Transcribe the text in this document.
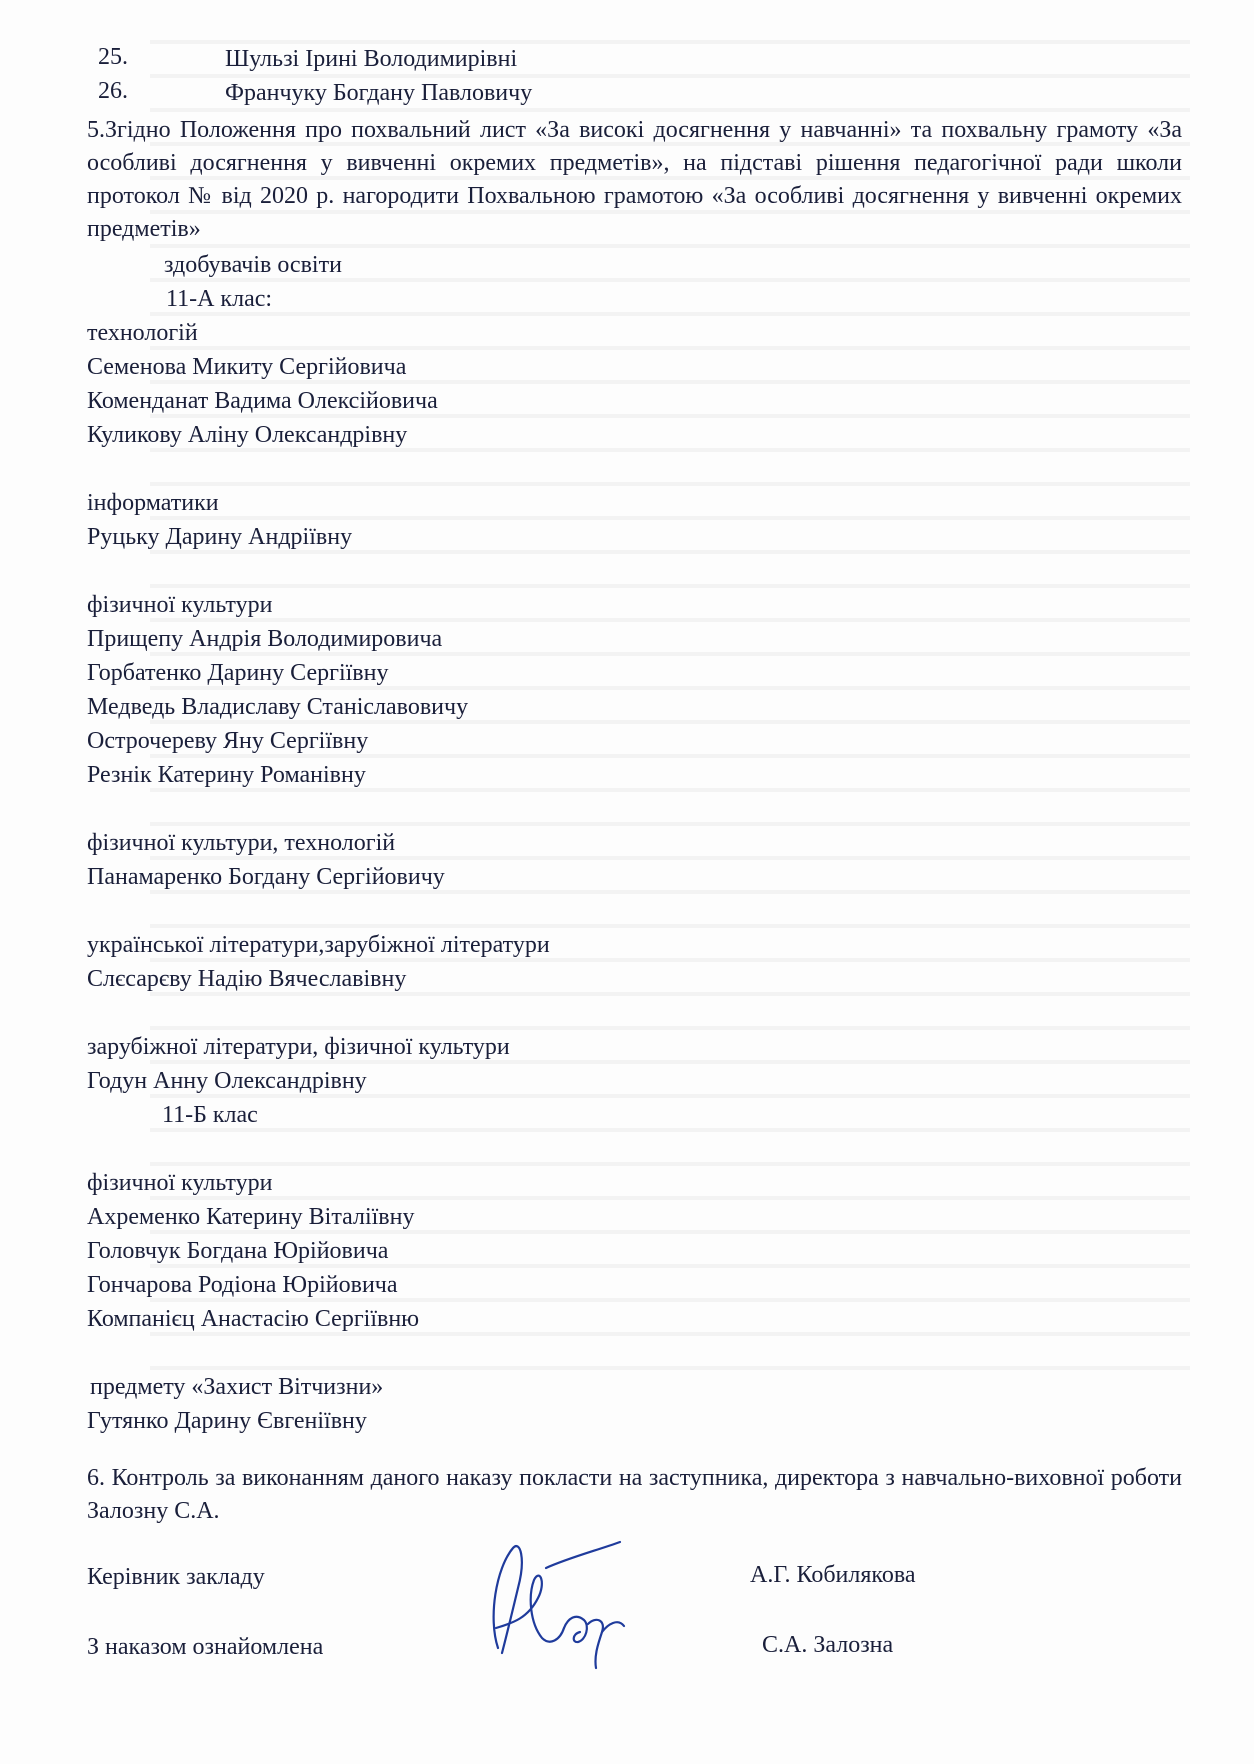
25.	Шульзі Ірині Володимирівні
26.	Франчуку Богдану Павловичу
5.Згідно Положення про похвальний лист «За високі досягнення у навчанні» та похвальну грамоту «За особливі досягнення у вивченні окремих предметів», на підставі рішення педагогічної ради школи протокол № від 2020 р. нагородити Похвальною грамотою «За особливі досягнення у вивченні окремих предметів»
здобувачів освіти
11-А клас:
технологій
Семенова Микиту Сергійовича
Коменданат Вадима Олексійовича
Куликову Аліну Олександрівну
інформатики
Руцьку Дарину Андріївну
фізичної культури
Прищепу Андрія Володимировича
Горбатенко Дарину Сергіївну
Медведь Владиславу Станіславовичу
Острочереву Яну Сергіївну
Резнік Катерину Романівну
фізичної культури, технологій
Панамаренко Богдану Сергійовичу
української літератури,зарубіжної літератури
Слєсарєву Надію Вячеславівну
зарубіжної літератури, фізичної культури
Годун Анну Олександрівну
11-Б клас
фізичної культури
Ахременко Катерину Віталіївну
Головчук Богдана Юрійовича
Гончарова Родіона Юрійовича
Компанієц Анастасію Сергіївню
предмету «Захист Вітчизни»
Гутянко Дарину Євгеніївну
6. Контроль за виконанням даного наказу покласти на заступника, директора з навчально-виховної роботи Залозну С.А.
Керівник закладу	А.Г. Кобилякова
З наказом ознайомлена	С.А. Залозна
